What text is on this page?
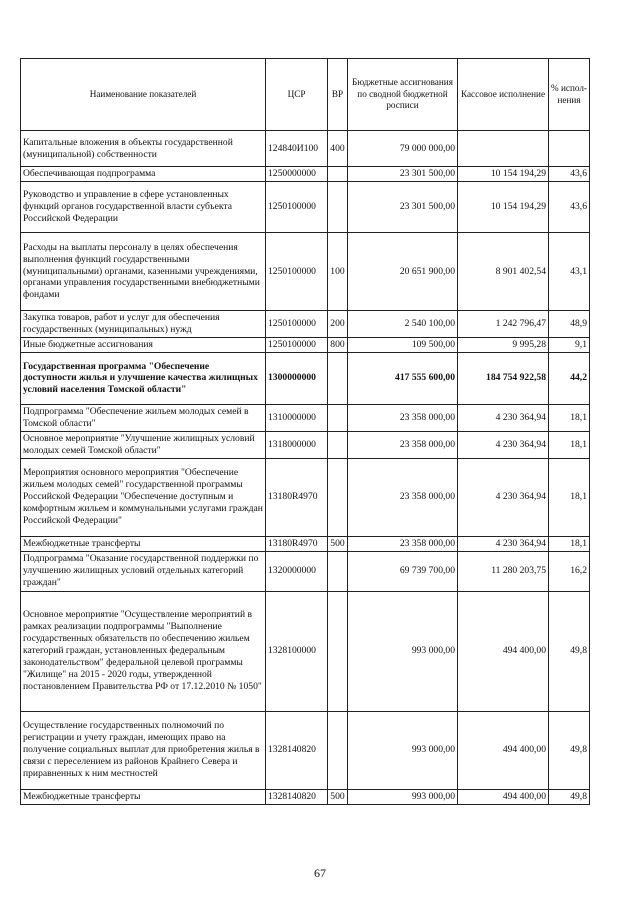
Наименование показателей	ЦСР	ВР	Бюджетные ассигнования по сводной бюджетной росписи	Кассовое исполнение	% испол-нения
Капитальные вложения в объекты государственной (муниципальной) собственности	124840И100	400	79 000 000,00		
Обеспечивающая подпрограмма	1250000000		23 301 500,00	10 154 194,29	43,6
Руководство и управление в сфере установленных функций органов государственной власти субъекта Российской Федерации	1250100000		23 301 500,00	10 154 194,29	43,6
Расходы на выплаты персоналу в целях обеспечения выполнения функций государственными (муниципальными) органами, казенными учреждениями, органами управления государственными внебюджетными фондами	1250100000	100	20 651 900,00	8 901 402,54	43,1
Закупка товаров, работ и услуг для обеспечения государственных (муниципальных) нужд	1250100000	200	2 540 100,00	1 242 796,47	48,9
Иные бюджетные ассигнования	1250100000	800	109 500,00	9 995,28	9,1
Государственная программа "Обеспечение доступности жилья и улучшение качества жилищных условий населения Томской области"	1300000000		417 555 600,00	184 754 922,58	44,2
Подпрограмма "Обеспечение жильем молодых семей в Томской области"	1310000000		23 358 000,00	4 230 364,94	18,1
Основное мероприятие "Улучшение жилищных условий молодых семей Томской области"	1318000000		23 358 000,00	4 230 364,94	18,1
Мероприятия основного мероприятия "Обеспечение жильем молодых семей" государственной программы Российской Федерации "Обеспечение доступным и комфортным жильем и коммунальными услугами граждан Российской Федерации"	13180R4970		23 358 000,00	4 230 364,94	18,1
Межбюджетные трансферты	13180R4970	500	23 358 000,00	4 230 364,94	18,1
Подпрограмма "Оказание государственной поддержки по улучшению жилищных условий отдельных категорий граждан"	1320000000		69 739 700,00	11 280 203,75	16,2
Основное мероприятие "Осуществление мероприятий в рамках реализации подпрограммы "Выполнение государственных обязательств по обеспечению жильем категорий граждан, установленных федеральным законодательством" федеральной целевой программы "Жилище" на 2015 - 2020 годы, утвержденной постановлением Правительства РФ от 17.12.2010 № 1050"	1328100000		993 000,00	494 400,00	49,8
Осуществление государственных полномочий по регистрации и учету граждан, имеющих право на получение социальных выплат для приобретения жилья в связи с переселением из районов Крайнего Севера и приравненных к ним местностей	1328140820		993 000,00	494 400,00	49,8
Межбюджетные трансферты	1328140820	500	993 000,00	494 400,00	49,8
67
